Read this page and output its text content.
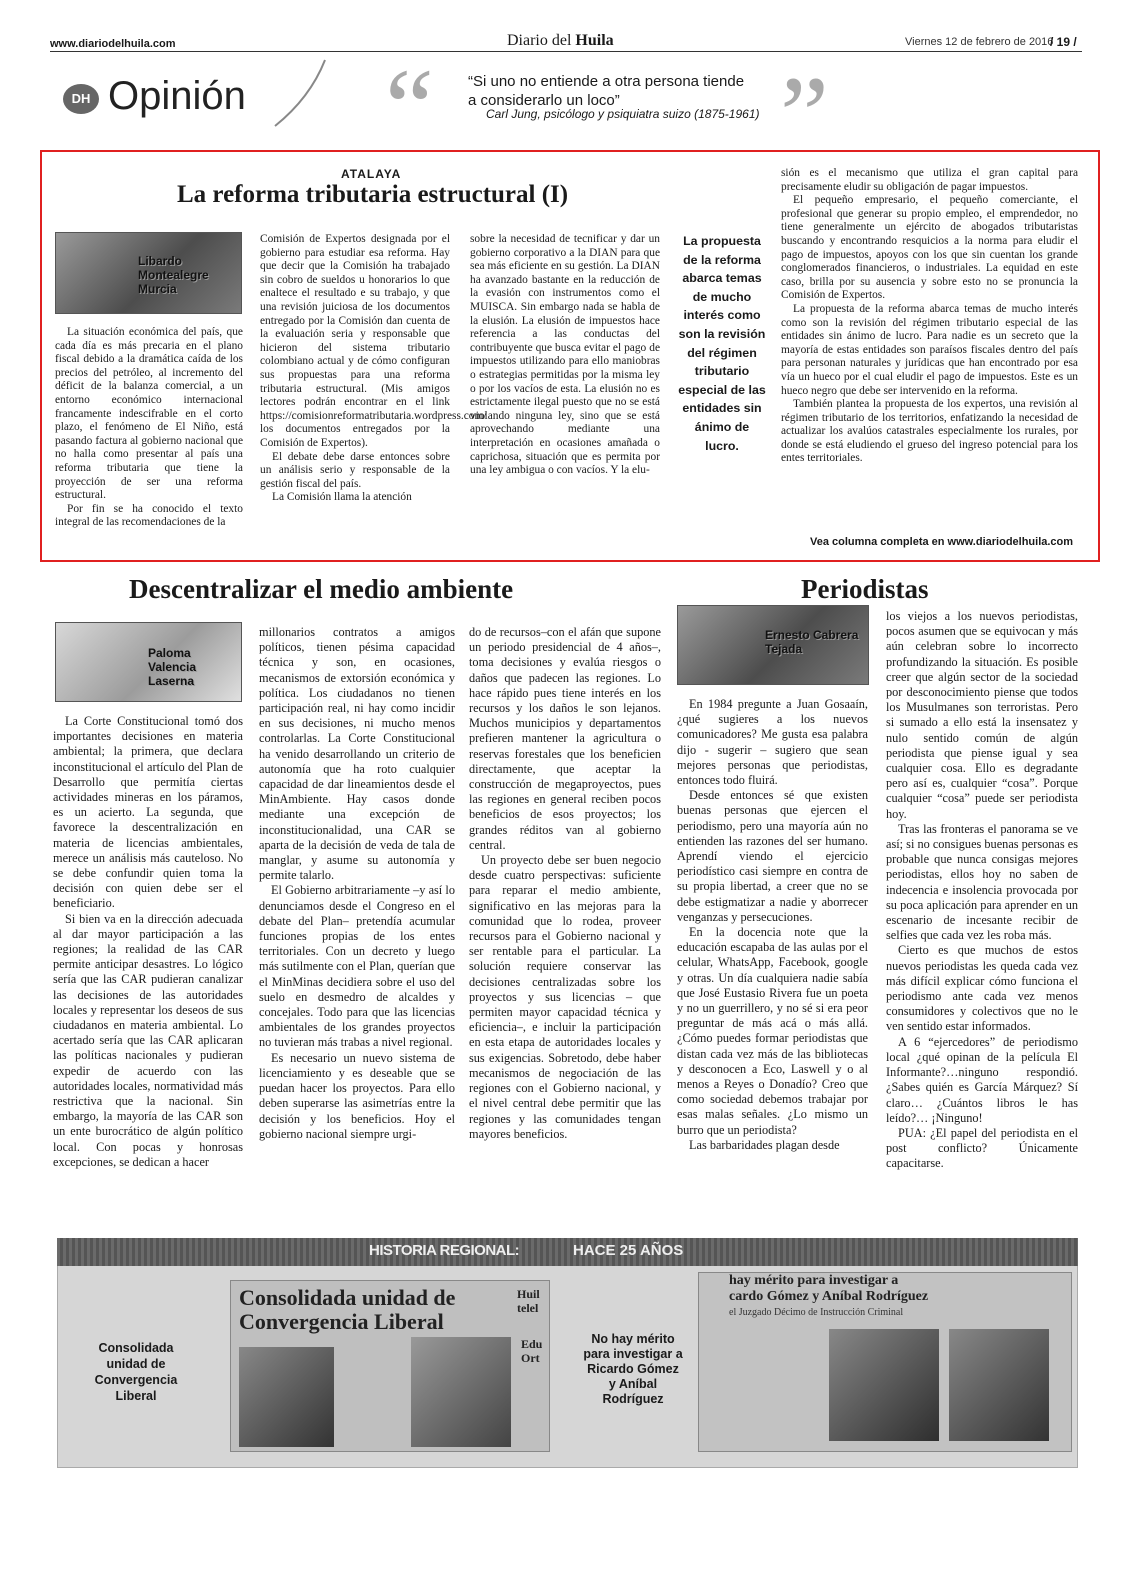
www.diariodelhuila.com	Diario del Huila	Viernes 12 de febrero de 2016
/ 19 /
DH Opinión “ “Si uno no entiende a otra persona tiende a considerarlo un loco”
Carl Jung, psicólogo y psiquiatra suizo (1875-1961) ”
ATALAYA
La reforma tributaria estructural (I)
Libardo Montealegre Murcia

La situación económica del país, que cada día es más precaria en el plano fiscal debido a la dramática caída de los precios del petróleo, al incremento del déficit de la balanza comercial, a un entorno económico internacional francamente indescifrable en el corto plazo, el fenómeno de El Niño, está pasando factura al gobierno nacional que no halla como presentar al país una reforma tributaria que tiene la proyección de ser una reforma estructural.

Por fin se ha conocido el texto integral de las recomendaciones de la

Comisión de Expertos designada por el gobierno para estudiar esa reforma. Hay que decir que la Comisión ha trabajado sin cobro de sueldos u honorarios lo que enaltece el resultado e su trabajo, y que una revisión juiciosa de los documentos entregado por la Comisión dan cuenta de la evaluación seria y responsable que hicieron del sistema tributario colombiano actual y de cómo configuran sus propuestas para una reforma tributaria estructural. (Mis amigos lectores podrán encontrar en el link https://comisionreformatributaria.wordpress.com/ los documentos entregados por la Comisión de Expertos).

El debate debe darse entonces sobre un análisis serio y responsable de la gestión fiscal del país.

La Comisión llama la atención

sobre la necesidad de tecnificar y dar un gobierno corporativo a la DIAN para que sea más eficiente en su gestión. La DIAN ha avanzado bastante en la reducción de la evasión con instrumentos como el MUISCA. Sin embargo nada se habla de la elusión. La elusión de impuestos hace referencia a las conductas del contribuyente que busca evitar el pago de impuestos utilizando para ello maniobras o estrategias permitidas por la misma ley o por los vacíos de esta. La elusión no es estrictamente ilegal puesto que no se está violando ninguna ley, sino que se está aprovechando mediante una interpretación en ocasiones amañada o caprichosa, situación que es permita por una ley ambigua o con vacíos. Y la elu-

La propuesta de la reforma abarca temas de mucho interés como son la revisión del régimen tributario especial de las entidades sin ánimo de lucro.

sión es el mecanismo que utiliza el gran capital para precisamente eludir su obligación de pagar impuestos.

El pequeño empresario, el pequeño comerciante, el profesional que generar su propio empleo, el emprendedor, no tiene generalmente un ejército de abogados tributaristas buscando y encontrando resquicios a la norma para eludir el pago de impuestos, apoyos con los que sin cuentan los grande conglomerados financieros, o industriales. La equidad en este caso, brilla por su ausencia y sobre esto no se pronuncia la Comisión de Expertos.

La propuesta de la reforma abarca temas de mucho interés como son la revisión del régimen tributario especial de las entidades sin ánimo de lucro. Para nadie es un secreto que la mayoría de estas entidades son paraísos fiscales dentro del país para personan naturales y jurídicas que han encontrado por esa vía un hueco por el cual eludir el pago de impuestos. Este es un hueco negro que debe ser intervenido en la reforma.

También plantea la propuesta de los expertos, una revisión al régimen tributario de los territorios, enfatizando la necesidad de actualizar los avalúos catastrales especialmente los rurales, por donde se está eludiendo el grueso del ingreso potencial para los entes territoriales.

Vea columna completa en www.diariodelhuila.com
Descentralizar el medio ambiente
Paloma Valencia Laserna

La Corte Constitucional tomó dos importantes decisiones en materia ambiental; la primera, que declara inconstitucional el artículo del Plan de Desarrollo que permitía ciertas actividades mineras en los páramos, es un acierto. La segunda, que favorece la descentralización en materia de licencias ambientales, merece un análisis más cauteloso. No se debe confundir quien toma la decisión con quien debe ser el beneficiario.

Si bien va en la dirección adecuada al dar mayor participación a las regiones; la realidad de las CAR permite anticipar desastres. Lo lógico sería que las CAR pudieran canalizar las decisiones de las autoridades locales y representar los deseos de sus ciudadanos en materia ambiental. Lo acertado sería que las CAR aplicaran las políticas nacionales y pudieran expedir de acuerdo con las autoridades locales, normatividad más restrictiva que la nacional. Sin embargo, la mayoría de las CAR son un ente burocrático de algún político local. Con pocas y honrosas excepciones, se dedican a hacer

millonarios contratos a amigos políticos, tienen pésima capacidad técnica y son, en ocasiones, mecanismos de extorsión económica y política. Los ciudadanos no tienen participación real, ni hay como incidir en sus decisiones, ni mucho menos controlarlas. La Corte Constitucional ha venido desarrollando un criterio de autonomía que ha roto cualquier capacidad de dar lineamientos desde el MinAmbiente. Hay casos donde mediante una excepción de inconstitucionalidad, una CAR se aparta de la decisión de veda de tala de manglar, y asume su autonomía y permite talarlo.

El Gobierno arbitrariamente –y así lo denunciamos desde el Congreso en el debate del Plan– pretendía acumular funciones propias de los entes territoriales. Con un decreto y luego más sutilmente con el Plan, querían que el MinMinas decidiera sobre el uso del suelo en desmedro de alcaldes y concejales. Todo para que las licencias ambientales de los grandes proyectos no tuvieran más trabas a nivel regional.

Es necesario un nuevo sistema de licenciamiento y es deseable que se puedan hacer los proyectos. Para ello deben superarse las asimetrías entre la decisión y los beneficios. Hoy el gobierno nacional siempre urgi-

do de recursos–con el afán que supone un periodo presidencial de 4 años–, toma decisiones y evalúa riesgos o daños que padecen las regiones. Lo hace rápido pues tiene interés en los recursos y los daños le son lejanos. Muchos municipios y departamentos prefieren mantener la agricultura o reservas forestales que los beneficien directamente, que aceptar la construcción de megaproyectos, pues las regiones en general reciben pocos beneficios de esos proyectos; los grandes réditos van al gobierno central.

Un proyecto debe ser buen negocio desde cuatro perspectivas: suficiente para reparar el medio ambiente, significativo en las mejoras para la comunidad que lo rodea, proveer recursos para el Gobierno nacional y ser rentable para el particular. La solución requiere conservar las decisiones centralizadas sobre los proyectos y sus licencias – que permiten mayor capacidad técnica y eficiencia–, e incluir la participación en esta etapa de autoridades locales y sus exigencias. Sobretodo, debe haber mecanismos de negociación de las regiones con el Gobierno nacional, y el nivel central debe permitir que las regiones y las comunidades tengan mayores beneficios.

Periodistas
Ernesto Cabrera Tejada

En 1984 pregunte a Juan Gosaaín, ¿qué sugieres a los nuevos comunicadores? Me gusta esa palabra dijo - sugerir – sugiero que sean mejores personas que periodistas, entonces todo fluirá.

Desde entonces sé que existen buenas personas que ejercen el periodismo, pero una mayoría aún no entienden las razones del ser humano. Aprendí viendo el ejercicio periodístico casi siempre en contra de su propia libertad, a creer que no se debe estigmatizar a nadie y aborrecer venganzas y persecuciones.

En la docencia note que la educación escapaba de las aulas por el celular, WhatsApp, Facebook, google y otras. Un día cualquiera nadie sabía que José Eustasio Rivera fue un poeta y no un guerrillero, y no sé si era peor preguntar de más acá o más allá. ¿Cómo puedes formar periodistas que distan cada vez más de las bibliotecas y desconocen a Eco, Laswell y o al menos a Reyes o Donadío? Creo que como sociedad debemos trabajar por esas malas señales. ¿Lo mismo un burro que un periodista?

Las barbaridades plagan desde

los viejos a los nuevos periodistas, pocos asumen que se equivocan y más aún celebran sobre lo incorrecto profundizando la situación. Es posible creer que algún sector de la sociedad por desconocimiento piense que todos los Musulmanes son terroristas. Pero si sumado a ello está la insensatez y nulo sentido común de algún periodista que piense igual y sea cualquier cosa. Ello es degradante pero así es, cualquier “cosa”. Porque cualquier “cosa” puede ser periodista hoy.

Tras las fronteras el panorama se ve así; si no consigues buenas personas es probable que nunca consigas mejores periodistas, ellos hoy no saben de indecencia e insolencia provocada por su poca aplicación para aprender en un escenario de incesante recibir de selfies que cada vez les roba más.

Cierto es que muchos de estos nuevos periodistas les queda cada vez más difícil explicar cómo funciona el periodismo ante cada vez menos consumidores y colectivos que no le ven sentido estar informados.

A 6 “ejercedores” de periodismo local ¿qué opinan de la película El Informante?…ninguno respondió. ¿Sabes quién es García Márquez? Sí claro… ¿Cuántos libros le has leído?… ¡Ninguno!

PUA: ¿El papel del periodista en el post conflicto? Únicamente capacitarse.

HISTORIA REGIONAL:	HACE 25 AÑOS
Consolidada unidad de Convergencia Liberal
Consolidada unidad de
Convergencia Liberal
Huil telel
Edu Ort
No hay mérito para investigar a Ricardo Gómez y Aníbal Rodríguez
hay mérito para investigar a
cardo Gómez y Aníbal Rodríguez
el Juzgado Décimo de Instrucción Criminal
